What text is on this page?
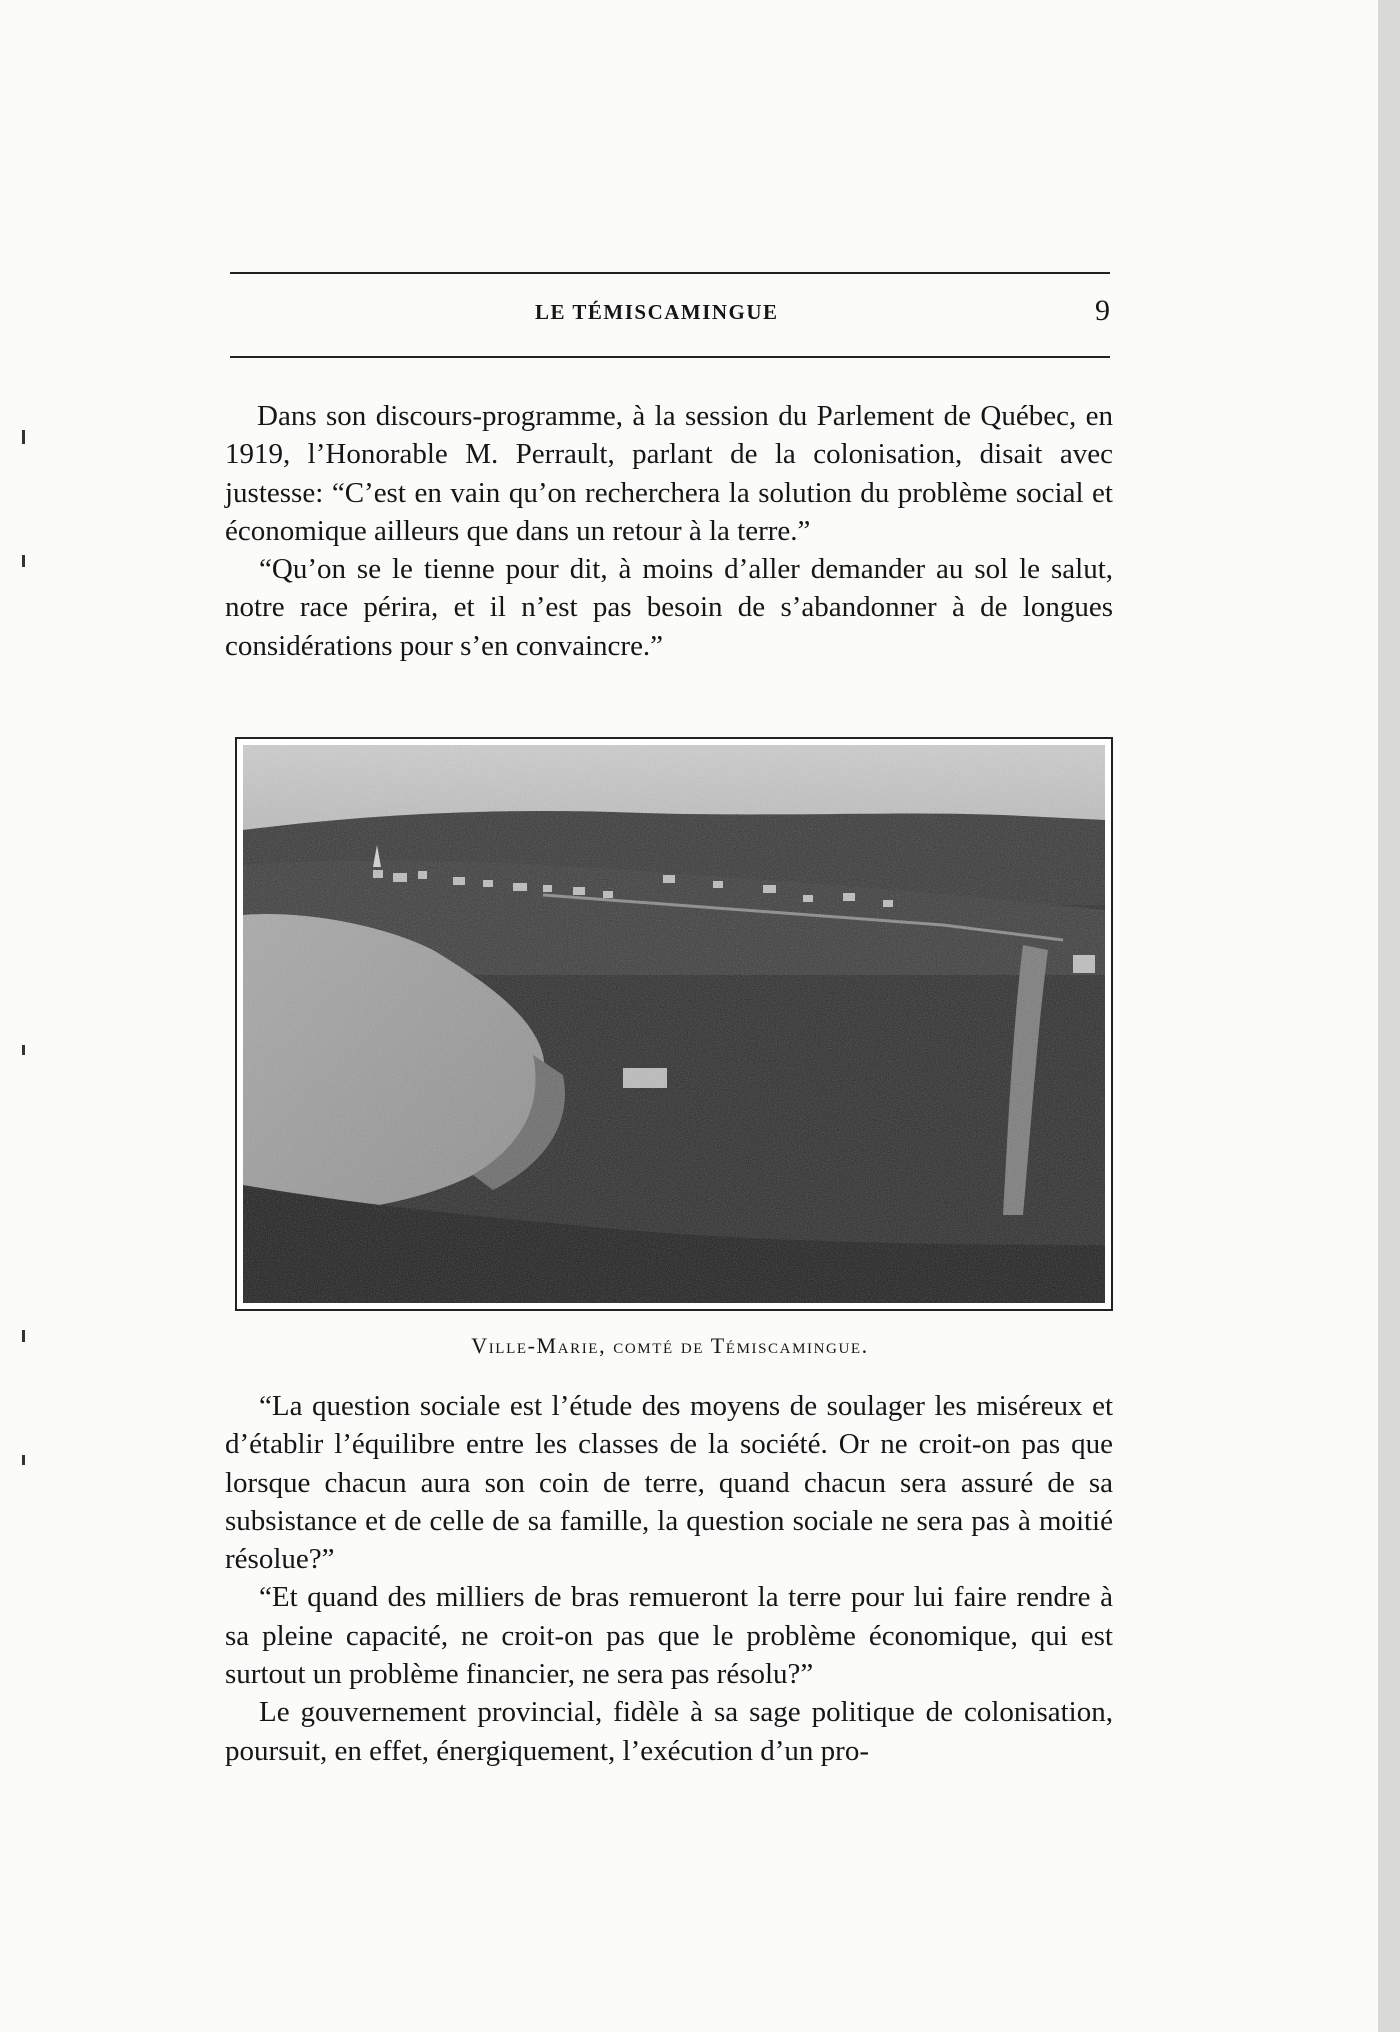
LE TÉMISCAMINGUE	9

Dans son discours-programme, à la session du Parlement de Québec, en 1919, l’Honorable M. Perrault, parlant de la colonisation, disait avec justesse: “C’est en vain qu’on recherchera la solution du problème social et économique ailleurs que dans un retour à la terre.”

“Qu’on se le tienne pour dit, à moins d’aller demander au sol le salut, notre race périra, et il n’est pas besoin de s’abandonner à de longues considérations pour s’en convaincre.”

Ville-Marie, comté de Témiscamingue.

“La question sociale est l’étude des moyens de soulager les miséreux et d’établir l’équilibre entre les classes de la société. Or ne croit-on pas que lorsque chacun aura son coin de terre, quand chacun sera assuré de sa subsistance et de celle de sa famille, la question sociale ne sera pas à moitié résolue?”

“Et quand des milliers de bras remueront la terre pour lui faire rendre à sa pleine capacité, ne croit-on pas que le problème économique, qui est surtout un problème financier, ne sera pas résolu?”

Le gouvernement provincial, fidèle à sa sage politique de colonisation, poursuit, en effet, énergiquement, l’exécution d’un pro-
